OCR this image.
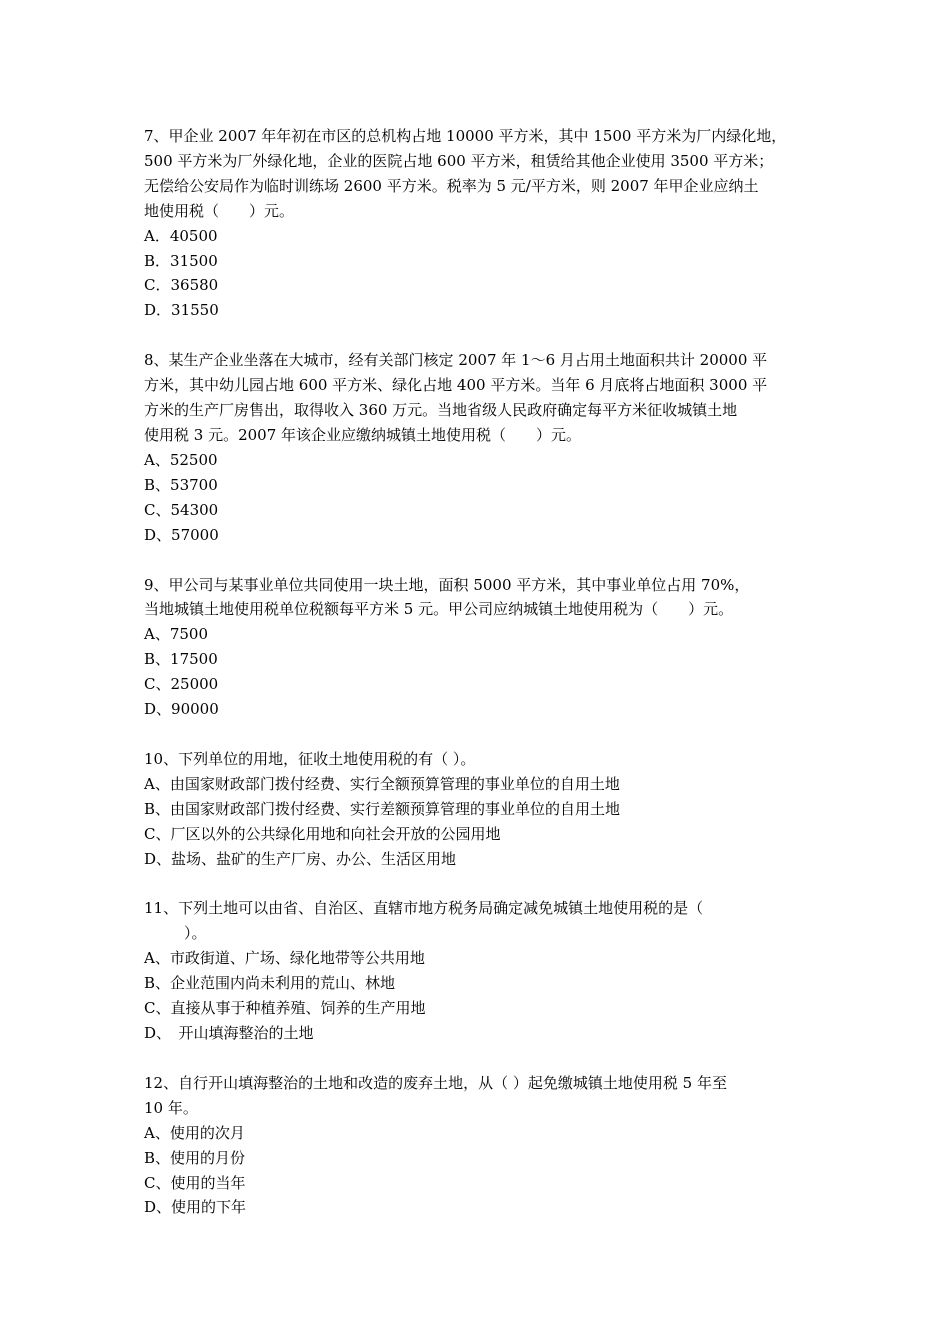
7、甲企业 2007 年年初在市区的总机构占地 10000 平方米，其中 1500 平方米为厂内绿化地，
500 平方米为厂外绿化地，企业的医院占地 600 平方米，租赁给其他企业使用 3500 平方米；
无偿给公安局作为临时训练场 2600 平方米。税率为 5 元/平方米，则 2007 年甲企业应纳土
地使用税（　　）元。
A．40500
B．31500
C．36580
D．31550
8、某生产企业坐落在大城市，经有关部门核定 2007 年 1～6 月占用土地面积共计 20000 平
方米，其中幼儿园占地 600 平方米、绿化占地 400 平方米。当年 6 月底将占地面积 3000 平
方米的生产厂房售出，取得收入 360 万元。当地省级人民政府确定每平方米征收城镇土地
使用税 3 元。2007 年该企业应缴纳城镇土地使用税（　　）元。
A、52500
B、53700
C、54300
D、57000
9、甲公司与某事业单位共同使用一块土地，面积 5000 平方米，其中事业单位占用 70%，
当地城镇土地使用税单位税额每平方米 5 元。甲公司应纳城镇土地使用税为（　　）元。
A、7500
B、17500
C、25000
D、90000
10、下列单位的用地，征收土地使用税的有（ ）。
A、由国家财政部门拨付经费、实行全额预算管理的事业单位的自用土地
B、由国家财政部门拨付经费、实行差额预算管理的事业单位的自用土地
C、厂区以外的公共绿化用地和向社会开放的公园用地
D、盐场、盐矿的生产厂房、办公、生活区用地
11、下列土地可以由省、自治区、直辖市地方税务局确定减免城镇土地使用税的是（
）。
A、市政街道、广场、绿化地带等公共用地
B、企业范围内尚未利用的荒山、林地
C、直接从事于种植养殖、饲养的生产用地
D、　开山填海整治的土地
12、自行开山填海整治的土地和改造的废弃土地，从（ ）起免缴城镇土地使用税 5 年至
10 年。
A、使用的次月
B、使用的月份
C、使用的当年
D、使用的下年
